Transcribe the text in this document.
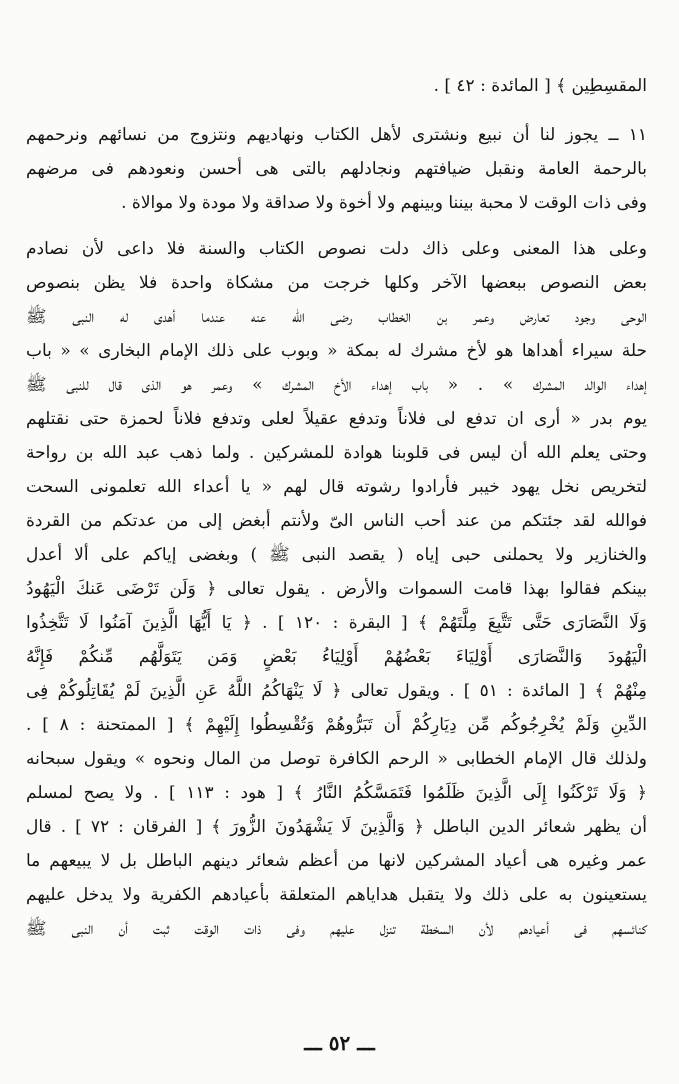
المقسِطِين ﴾ [ المائدة : ٤٢ ] .
١١ ــ يجوز لنا أن نبيع ونشترى لأهل الكتاب ونهاديهم ونتزوج من نسائهم ونرحمهم
بالرحمة العامة ونقبل ضيافتهم ونجادلهم بالتى هى أحسن ونعودهم فى مرضهم
وفى ذات الوقت لا محبة بيننا وبينهم ولا أخوة ولا صداقة ولا مودة ولا موالاة .
وعلى هذا المعنى وعلى ذاك دلت نصوص الكتاب والسنة فلا داعى لأن نصادم
بعض النصوص ببعضها الآخر وكلها خرجت من مشكاة واحدة فلا يظن بنصوص
الوحى وجود تعارض وعمر بن الخطاب رضى الله عنه عندما أهدى له النبى ﷺ
حلة سيراء أهداها هو لأخ مشرك له بمكة « وبوب على ذلك الإمام البخارى » « باب
إهداء الوالد المشرك » . « باب إهداء الأخ المشرك » وعمر هو الذى قال للنبى ﷺ
يوم بدر « أرى ان تدفع لى فلاناً وتدفع عقيلاً لعلى وتدفع فلاناً لحمزة حتى نقتلهم
وحتى يعلم الله أن ليس فى قلوبنا هوادة للمشركين . ولما ذهب عبد الله بن رواحة
لتخريص نخل يهود خيبر فأرادوا رشوته قال لهم « يا أعداء الله تعلمونى السحت
فوالله لقد جئتكم من عند أحب الناس الىّ ولأنتم أبغض إلى من عدتكم من القردة
والخنازير ولا يحملنى حبى إياه ( يقصد النبى ﷺ ) وبغضى إياكم على ألا أعدل
بينكم فقالوا بهذا قامت السموات والأرض . يقول تعالى ﴿ وَلَن تَرْضَى عَنكَ الْيَهُودُ
وَلَا النَّصَارَى حَتَّى تَتَّبِعَ مِلَّتَهُمْ ﴾ [ البقرة : ١٢٠ ] . ﴿ يَا أَيُّهَا الَّذِينَ آمَنُوا لَا تَتَّخِذُوا
الْيَهُودَ وَالنَّصَارَى أَوْلِيَاءَ بَعْضُهُمْ أَوْلِيَاءُ بَعْضٍ وَمَن يَتَوَلَّهُم مِّنكُمْ فَإِنَّهُ
مِنْهُمْ ﴾ [ المائدة : ٥١ ] . ويقول تعالى ﴿ لَا يَنْهَاكُمُ اللَّهُ عَنِ الَّذِينَ لَمْ يُقَاتِلُوكُمْ فِى
الدِّينِ وَلَمْ يُخْرِجُوكُم مِّن دِيَارِكُمْ أَن تَبَرُّوهُمْ وَتُقْسِطُوا إِلَيْهِمْ ﴾ [ الممتحنة : ٨ ] .
ولذلك قال الإمام الخطابى « الرحم الكافرة توصل من المال ونحوه » ويقول سبحانه
﴿ وَلَا تَرْكَنُوا إِلَى الَّذِينَ ظَلَمُوا فَتَمَسَّكُمُ النَّارُ ﴾ [ هود : ١١٣ ] . ولا يصح لمسلم
أن يظهر شعائر الدين الباطل ﴿ وَالَّذِينَ لَا يَشْهَدُونَ الزُّورَ ﴾ [ الفرقان : ٧٢ ] . قال
عمر وغيره هى أعياد المشركين لانها من أعظم شعائر دينهم الباطل بل لا يبيعهم ما
يستعينون به على ذلك ولا يتقبل هداياهم المتعلقة بأعيادهم الكفرية ولا يدخل عليهم
كنائسهم فى أعيادهم لأن السخطة تنزل عليهم وفى ذات الوقت ثبت أن النبى ﷺ
ـــ ٥٢ ـــ
